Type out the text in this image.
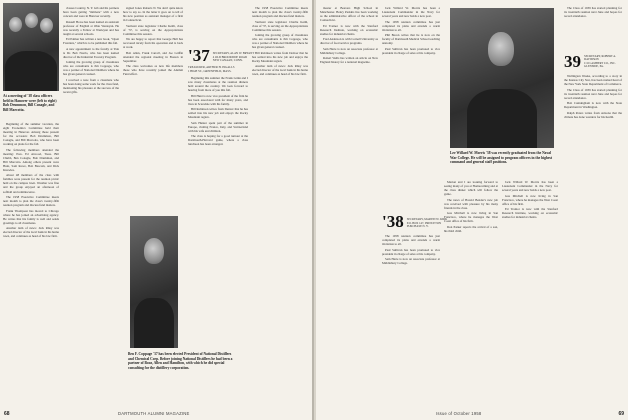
At a meeting of '38 class officers held in Hanover were (left to right) Bob Drummon, Bill Conagle, and Bill Marcotta.

Beginning of the summer vacation, the eight Economics Committee held their meeting in Hanover. Among those present for the occasion: Bob Drummon, Bill Conagle, and Bill Marcotta, who have been working on plans for the fall.

The following members attended the meeting: Pres. Ed Atwood, Treas. Bill Chubb, Ben Conagle, Bob Drummon, and Bill Marcotta. Among others present were Hunt, Sam Rowe, Bob Bascom, and Dick Knowles.

About 48 members of the class with families were present for the reunion picnic held on the campus lawn. Weather was fine and the group enjoyed an afternoon of softball and reminiscence.

The 1958 Executive Committee meets next month to plan the class's twenty-fifth reunion program and discuss fund matters.

Frank Thompson has moved to Chicago where he has joined an advertising agency. He writes that his family is well and sends greetings to all classmates.

Another item of news: Jack Riley was elected director of the local bank in his home town, and continues as head of his law firm.

classes Country, N. Y. Gib and his partners have been getting "intimate" with a new concern and were in Hanover recently.

Russell Howe has been named an assistant professor of English at Ohio Wesleyan. He was recently a Fellow at Wesleyan and has taught at several schools.

Ed Palmer has written a new book, "Open Frontiers," which is to be published this fall.

A new appointment to the faculty at Yale is Dr. Bob Norris, who has been named director of the Industrial Forestry Program.

Joining the growing group of classmates who are consultants is Jim Coppage, who was a partner of National Distillers where he has given general counsel.

I received a note from a classmate who has been doing some work for the class fund, mentioning his pleasure at the success of the recent gifts.

signed Jones Roberts N. We don't quite know how to say so. In the letter it goes on to tell of his new position as assistant manager of a firm in Connecticut.

Vermont state legislator Charlie Keith, class of '37, is serving on the Appropriations Committee this session.

We are happy to report that George Hall has recovered nicely from his operation and is back at work.

Bob Allen, Frank Carroll, and Joe Griffin attended the regional meeting in Boston in September.

The class welcomes as new life members those who have recently joined the Alumni Fund effort.

Ben F. Coppage '37 has been elected President of National Distillers and Chemical Corp. Before joining National Distillers he had been a partner of Booz, Allen and Hamilton, with which he did special consulting for the distillery corporation.
'37 SECRETARY, ALAN W. BRYANT
4 OLD BROOKSIDE ROAD
NEW CANAAN, CONN.
TREASURER, ARTHUR H. INGALLS
1 HIGH ST., GREENFIELD, MASS.

Beginning this summer the Frank Grinn and I saw many classmates at the reunion dinners held around the country. We look forward to hearing from more of you this fall.

Bill Hunt is now vice president of the firm he has been associated with for many years, and lives in Scarsdale with his family.

Bill Robinson writes from Denver that he has settled into his new job and enjoys the Rocky Mountain region.

Sam Hunter spent part of the summer in Europe, visiting France, Italy, and Switzerland with his wife and children.

The class is hoping for a good turnout at the Dartmouth-Harvard game, where a class luncheon has been arranged.

The 1958 Executive Committee meets next month to plan the class's twenty-fifth reunion program and discuss fund matters.

Vermont state legislator Charlie Keith, class of '37, is serving on the Appropriations Committee this session.

Joining the growing group of classmates who are consultants is Jim Coppage, who was a partner of National Distillers where he has given general counsel.

Bill Robinson writes from Denver that he has settled into his new job and enjoys the Rocky Mountain region.

Another item of news: Jack Riley was elected director of the local bank in his home town, and continues as head of his law firm.

68	DARTMOUTH ALUMNI MAGAZINE

master at Beavers High School in Manchester. Henry Perkins has been working as the administrative officer of the school in Connecticut.

Ed Trainor is now with the Stanford Research Institute, working on economic studies for industrial clients.

Fred Anderson is with Cornell University as director of food service programs.

Sam Harte is now an associate professor at Middlebury College.

Robert Wells has written an article on New England history for a national magazine.

Jack Willard W. Morris has been a Lieutenant Commander in the Navy for several years and now holds a new post.

The 1958 reunion committee has just completed its plans and extends a warm invitation to all.

Phil Bacon writes that he is now on the faculty of Dartmouth Medical School teaching anatomy.

Paul Sullivan has been promoted to vice president in charge of sales at his company.

'38 SECRETARY, MARTIN W. KIRK
P.O. BOX 147, PRINCETON
PURCHASE N. Y.

The 1958 reunion committee has just completed its plans and extends a warm invitation to all.

Paul Sullivan has been promoted to vice president in charge of sales at his company.

Sam Harte is now an associate professor at Middlebury College.

Lee Willard W. Morris '38 was recently graduated from the Naval War College. He will be assigned to program officers in the highest command and general staff positions.

Marion and I are looking forward to seeing many of you at Homecoming and at the class dinner which will follow the game.

The news of Harold Bender's new job was received with pleasure by his many friends in the class.

Gus Mitchell is now living in San Francisco, where he manages the West Coast office of his firm.

Don Parker reports the arrival of a son, his third child.

Jack Willard W. Morris has been a Lieutenant Commander in the Navy for several years and now holds a new post.

Gus Mitchell is now living in San Francisco, where he manages the West Coast office of his firm.

Ed Trainor is now with the Stanford Research Institute, working on economic studies for industrial clients.

39 SECRETARY, ROBERT A. DAVIDSON
C/O LAMBERT CO., INC.
GLENSIDE, PA.

The Class of 1939 has started planning for its twentieth reunion next June and hopes for record attendance.

Wellington Weeks, according to a story in the Kansas City Star, has been named head of the New York State Department of Commerce.

The Class of 1939 has started planning for its twentieth reunion next June and hopes for record attendance.

Bob Cunningham is now with the State Department in Washington.

Ralph Peters writes from Arizona that the climate has done wonders for his health.

Issue of October 1958	69
